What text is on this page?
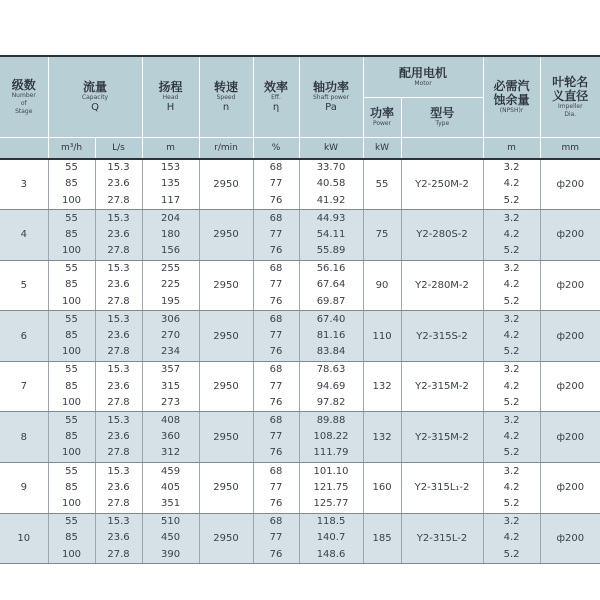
级数
Number
of
Stage	流量
Capacity
Q		扬程
Head
H	转速
Speed
n	效率
Eff.
η	轴功率
Shaft power
Pa	配用电机
Motor		必需汽
蚀余量
(NPSH)r	叶轮名
义直径
Impeller
Dia.

							功率
Power	型号
Type		

	m³/h	L/s	m	r/min	%	kW	kW		m	mm
3	55
85
100	15.3
23.6
27.8	153
135
117	2950	68
77
76	33.70
40.58
41.92	55	Y2-250M-2	3.2
4.2
5.2	ф200
4	55
85
100	15.3
23.6
27.8	204
180
156	2950	68
77
76	44.93
54.11
55.89	75	Y2-280S-2	3.2
4.2
5.2	ф200
5	55
85
100	15.3
23.6
27.8	255
225
195	2950	68
77
76	56.16
67.64
69.87	90	Y2-280M-2	3.2
4.2
5.2	ф200
6	55
85
100	15.3
23.6
27.8	306
270
234	2950	68
77
76	67.40
81.16
83.84	110	Y2-315S-2	3.2
4.2
5.2	ф200
7	55
85
100	15.3
23.6
27.8	357
315
273	2950	68
77
76	78.63
94.69
97.82	132	Y2-315M-2	3.2
4.2
5.2	ф200
8	55
85
100	15.3
23.6
27.8	408
360
312	2950	68
77
76	89.88
108.22
111.79	132	Y2-315M-2	3.2
4.2
5.2	ф200
9	55
85
100	15.3
23.6
27.8	459
405
351	2950	68
77
76	101.10
121.75
125.77	160	Y2-315L₁-2	3.2
4.2
5.2	ф200
10	55
85
100	15.3
23.6
27.8	510
450
390	2950	68
77
76	118.5
140.7
148.6	185	Y2-315L-2	3.2
4.2
5.2	ф200
